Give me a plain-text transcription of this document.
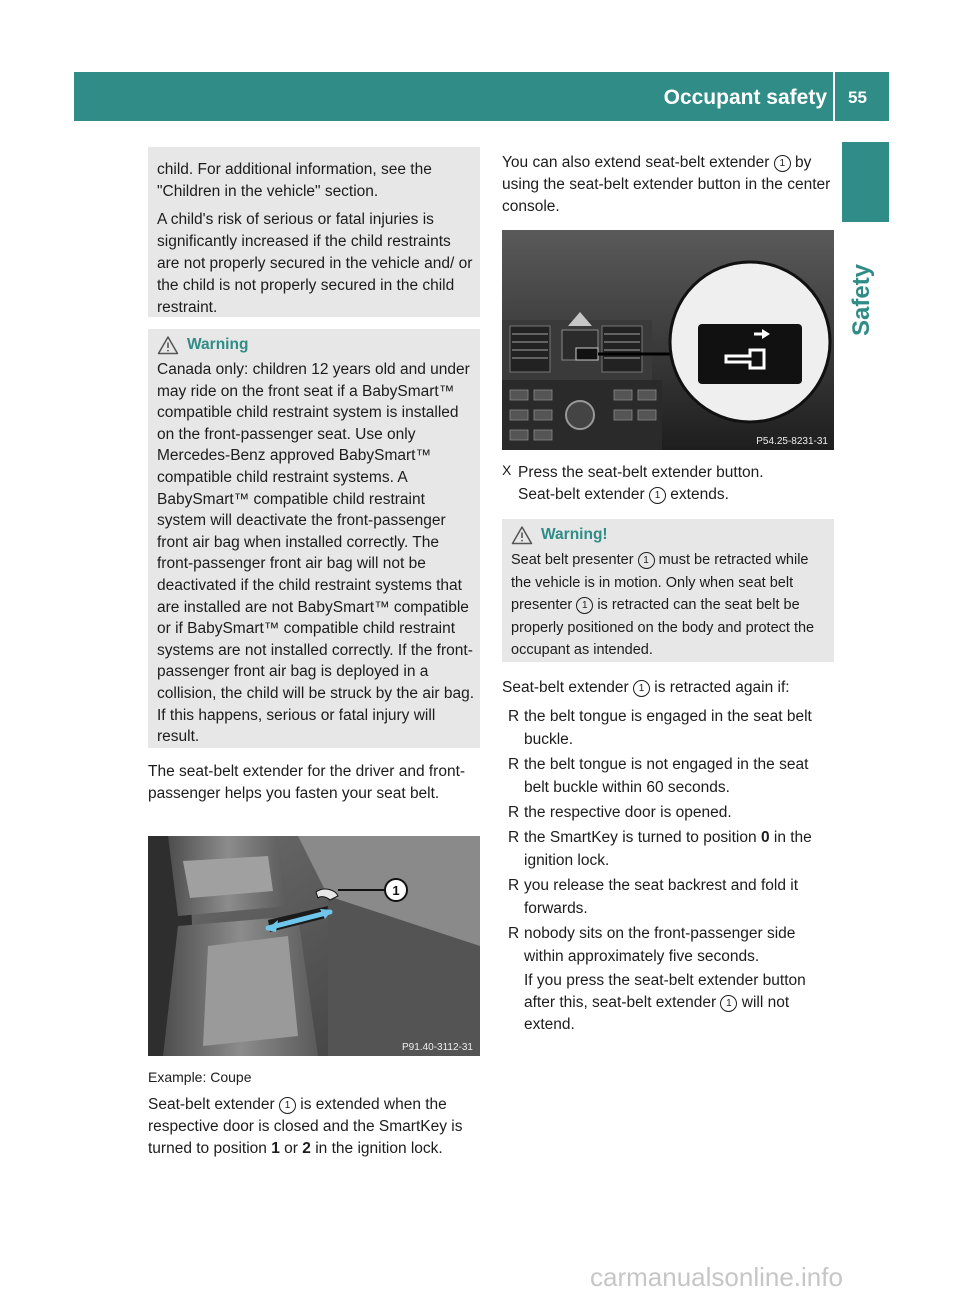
Occupant safety 55
Safety

child. For additional information, see the "Children in the vehicle" section.

A child's risk of serious or fatal injuries is significantly increased if the child restraints are not properly secured in the vehicle and/ or the child is not properly secured in the child restraint.

Warning

Canada only: children 12 years old and under may ride on the front seat if a BabySmart™ compatible child restraint system is installed on the front-passenger seat. Use only Mercedes-Benz approved BabySmart™ compatible child restraint systems. A BabySmart™ compatible child restraint system will deactivate the front-passenger front air bag when installed correctly. The front-passenger front air bag will not be deactivated if the child restraint systems that are installed are not BabySmart™ compatible or if BabySmart™ compatible child restraint systems are not installed correctly. If the front-passenger front air bag is deployed in a collision, the child will be struck by the air bag. If this happens, serious or fatal injury will result.

The seat-belt extender for the driver and front-passenger helps you fasten your seat belt.

1
P91.40-3112-31

Example: Coupe

Seat-belt extender 1 is extended when the respective door is closed and the SmartKey is turned to position 1 or 2 in the ignition lock.

You can also extend seat-belt extender 1 by using the seat-belt extender button in the center console.

P54.25-8231-31
X Press the seat-belt extender button.

Seat-belt extender 1 extends.

Warning!

Seat belt presenter 1 must be retracted while the vehicle is in motion. Only when seat belt presenter 1 is retracted can the seat belt be properly positioned on the body and protect the occupant as intended.

Seat-belt extender 1 is retracted again if:

R the belt tongue is engaged in the seat belt buckle.
R the belt tongue is not engaged in the seat belt buckle within 60 seconds.
R the respective door is opened.
R the SmartKey is turned to position 0 in the ignition lock.
R you release the seat backrest and fold it forwards.
R nobody sits on the front-passenger side within approximately five seconds.

If you press the seat-belt extender button after this, seat-belt extender 1 will not extend.

carmanualsonline.info
